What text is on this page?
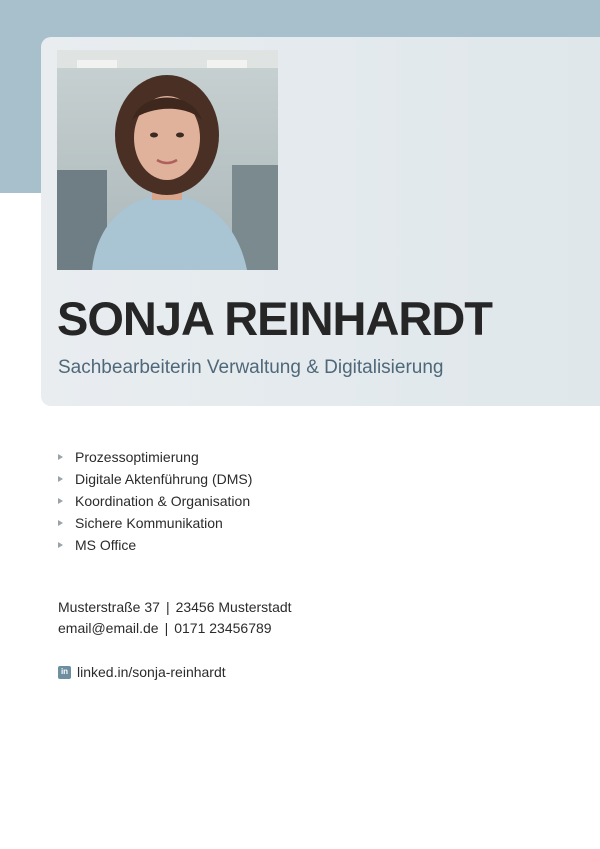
SONJA REINHARDT

Sachbearbeiterin Verwaltung & Digitalisierung

Prozessoptimierung
Digitale Aktenführung (DMS)
Koordination & Organisation
Sichere Kommunikation
MS Office
Musterstraße 37 | 23456 Musterstadt
email@email.de | 0171 23456789
in linked.in/sonja-reinhardt
